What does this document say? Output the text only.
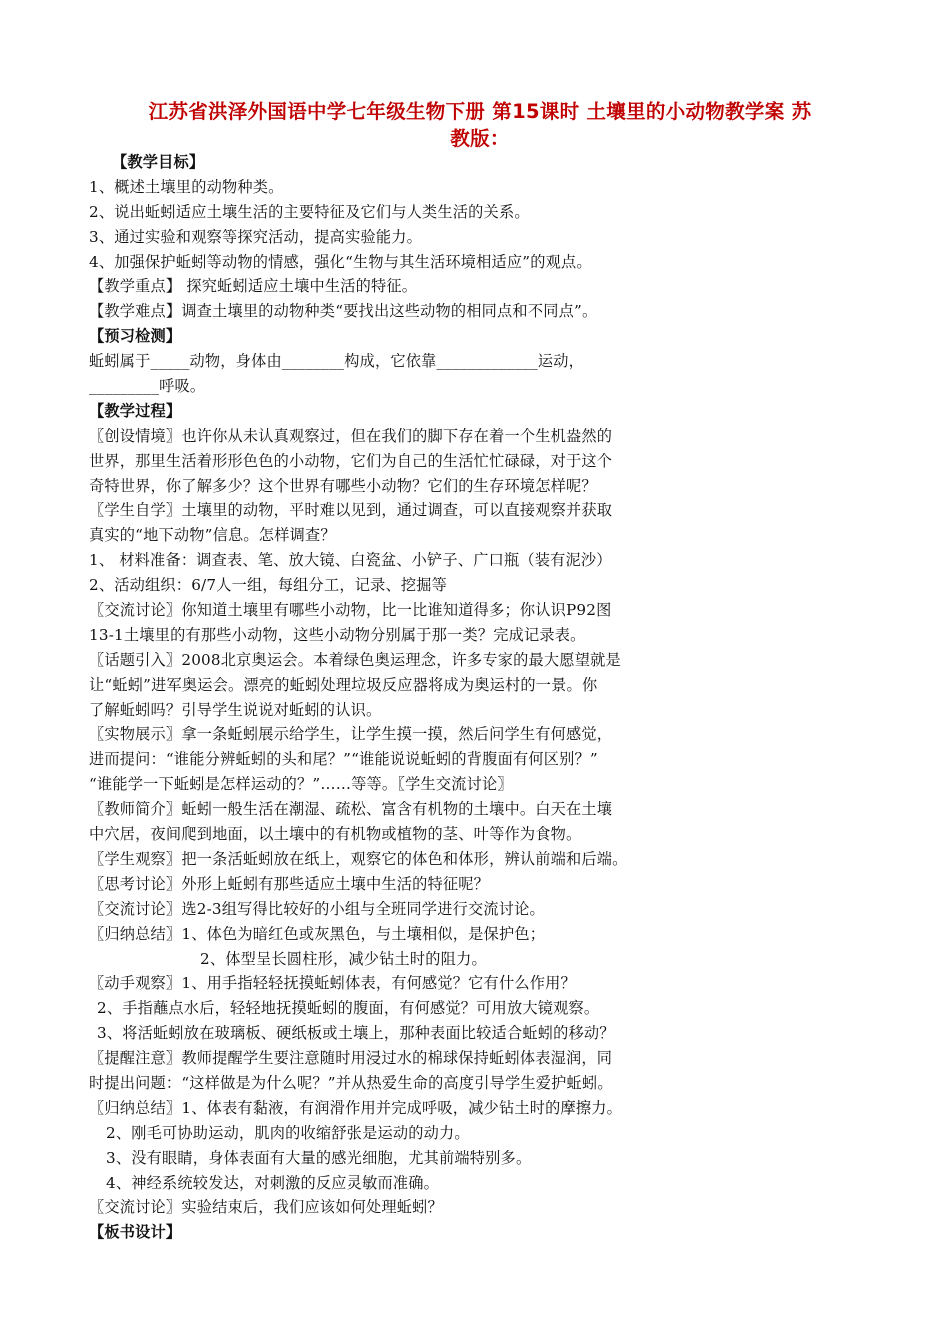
江苏省洪泽外国语中学七年级生物下册 第15课时 土壤里的小动物教学案 苏
教版：
【教学目标】
1、概述土壤里的动物种类。
2、说出蚯蚓适应土壤生活的主要特征及它们与人类生活的关系。
3、通过实验和观察等探究活动，提高实验能力。
4、加强保护蚯蚓等动物的情感，强化“生物与其生活环境相适应”的观点。
【教学重点】 探究蚯蚓适应土壤中生活的特征。
【教学难点】调查土壤里的动物种类“要找出这些动物的相同点和不同点”。
【预习检测】
蚯蚓属于_____动物，身体由________构成，它依靠_____________运动，
_________呼吸。
【教学过程】
〖创设情境〗也许你从未认真观察过，但在我们的脚下存在着一个生机盎然的
世界，那里生活着形形色色的小动物，它们为自己的生活忙忙碌碌，对于这个
奇特世界，你了解多少？这个世界有哪些小动物？它们的生存环境怎样呢？
〖学生自学〗土壤里的动物，平时难以见到，通过调查，可以直接观察并获取
真实的“地下动物”信息。怎样调查？
1、 材料准备：调查表、笔、放大镜、白瓷盆、小铲子、广口瓶（装有泥沙）
2、活动组织：6/7人一组，每组分工，记录、挖掘等
〖交流讨论〗你知道土壤里有哪些小动物，比一比谁知道得多；你认识P92图
13-1土壤里的有那些小动物，这些小动物分别属于那一类？完成记录表。
〖话题引入〗2008北京奥运会。本着绿色奥运理念，许多专家的最大愿望就是
让“蚯蚓”进军奥运会。漂亮的蚯蚓处理垃圾反应器将成为奥运村的一景。你
了解蚯蚓吗？引导学生说说对蚯蚓的认识。
〖实物展示〗拿一条蚯蚓展示给学生，让学生摸一摸，然后问学生有何感觉，
进而提问：“谁能分辨蚯蚓的头和尾？”“谁能说说蚯蚓的背腹面有何区别？”
“谁能学一下蚯蚓是怎样运动的？”……等等。〖学生交流讨论〗
〖教师简介〗蚯蚓一般生活在潮湿、疏松、富含有机物的土壤中。白天在土壤
中穴居，夜间爬到地面，以土壤中的有机物或植物的茎、叶等作为食物。
〖学生观察〗把一条活蚯蚓放在纸上，观察它的体色和体形，辨认前端和后端。
〖思考讨论〗外形上蚯蚓有那些适应土壤中生活的特征呢？
〖交流讨论〗选2-3组写得比较好的小组与全班同学进行交流讨论。
〖归纳总结〗1、体色为暗红色或灰黑色，与土壤相似，是保护色；
2、体型呈长圆柱形，减少钻土时的阻力。
〖动手观察〗1、用手指轻轻抚摸蚯蚓体表，有何感觉？它有什么作用？
2、手指蘸点水后，轻轻地抚摸蚯蚓的腹面，有何感觉？可用放大镜观察。
3、将活蚯蚓放在玻璃板、硬纸板或土壤上，那种表面比较适合蚯蚓的移动？
〖提醒注意〗教师提醒学生要注意随时用浸过水的棉球保持蚯蚓体表湿润，同
时提出问题：“这样做是为什么呢？”并从热爱生命的高度引导学生爱护蚯蚓。
〖归纳总结〗1、体表有黏液，有润滑作用并完成呼吸，减少钻土时的摩擦力。
2、刚毛可协助运动，肌肉的收缩舒张是运动的动力。
3、没有眼睛，身体表面有大量的感光细胞，尤其前端特别多。
4、神经系统较发达，对刺激的反应灵敏而准确。
〖交流讨论〗实验结束后，我们应该如何处理蚯蚓？
【板书设计】
